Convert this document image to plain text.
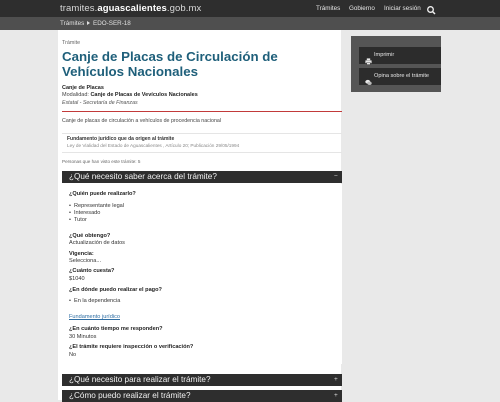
tramites.aguascalientes.gob.mx	Trámites Gobierno Iniciar sesión
Trámites EDO-SER-18
Trámite
Canje de Placas de Circulación de Vehículos Nacionales
Canje de Placas
Modalidad: Canje de Placas de Vevículos Nacionales
Estatal - Secretaría de Finanzas
Canje de placas de circulación a vehículos de procedencia nacional
Fundamento jurídico que da origen al trámite
Ley de Vialidad del Estado de Aguascalientes , Artículo 20; Publicación 29/05/1994
Personas que han visto este trámite: 5
¿Qué necesito saber acerca del trámite?	−
¿Quién puede realizarlo?
• Representante legal
• Interesado
• Tutor
¿Qué obtengo?
Actualización de datos
Vigencia:
Selecciona...
¿Cuánto cuesta?
$1040
¿En dónde puedo realizar el pago?
• En la dependencia
Fundamento jurídico
¿En cuánto tiempo me responden?
30 Minutos
¿El trámite requiere inspección o verificación?
No
¿Qué necesito para realizar el trámite?	+
¿Cómo puedo realizar el trámite?	+
Imprimir
Opina sobre el trámite
